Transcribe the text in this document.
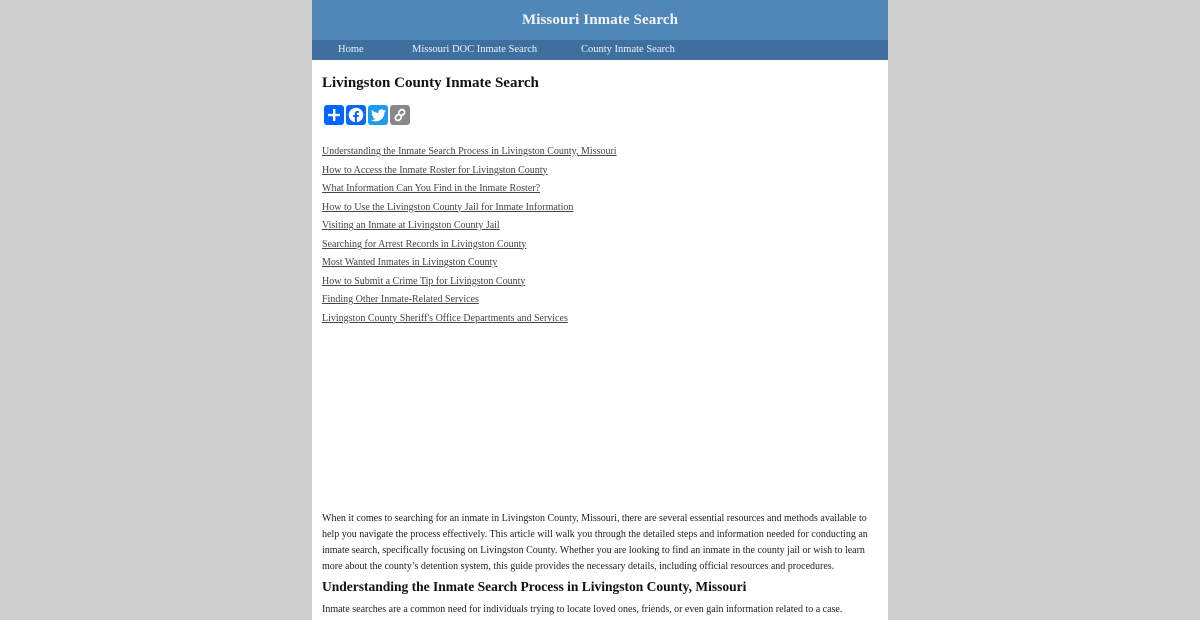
Missouri Inmate Search
Home	Missouri DOC Inmate Search	County Inmate Search
Livingston County Inmate Search
Understanding the Inmate Search Process in Livingston County, Missouri
How to Access the Inmate Roster for Livingston County
What Information Can You Find in the Inmate Roster?
How to Use the Livingston County Jail for Inmate Information
Visiting an Inmate at Livingston County Jail
Searching for Arrest Records in Livingston County
Most Wanted Inmates in Livingston County
How to Submit a Crime Tip for Livingston County
Finding Other Inmate-Related Services
Livingston County Sheriff's Office Departments and Services

When it comes to searching for an inmate in Livingston County, Missouri, there are several essential resources and methods available to help you navigate the process effectively. This article will walk you through the detailed steps and information needed for conducting an inmate search, specifically focusing on Livingston County. Whether you are looking to find an inmate in the county jail or wish to learn more about the county’s detention system, this guide provides the necessary details, including official resources and procedures.

Understanding the Inmate Search Process in Livingston County, Missouri

Inmate searches are a common need for individuals trying to locate loved ones, friends, or even gain information related to a case.
